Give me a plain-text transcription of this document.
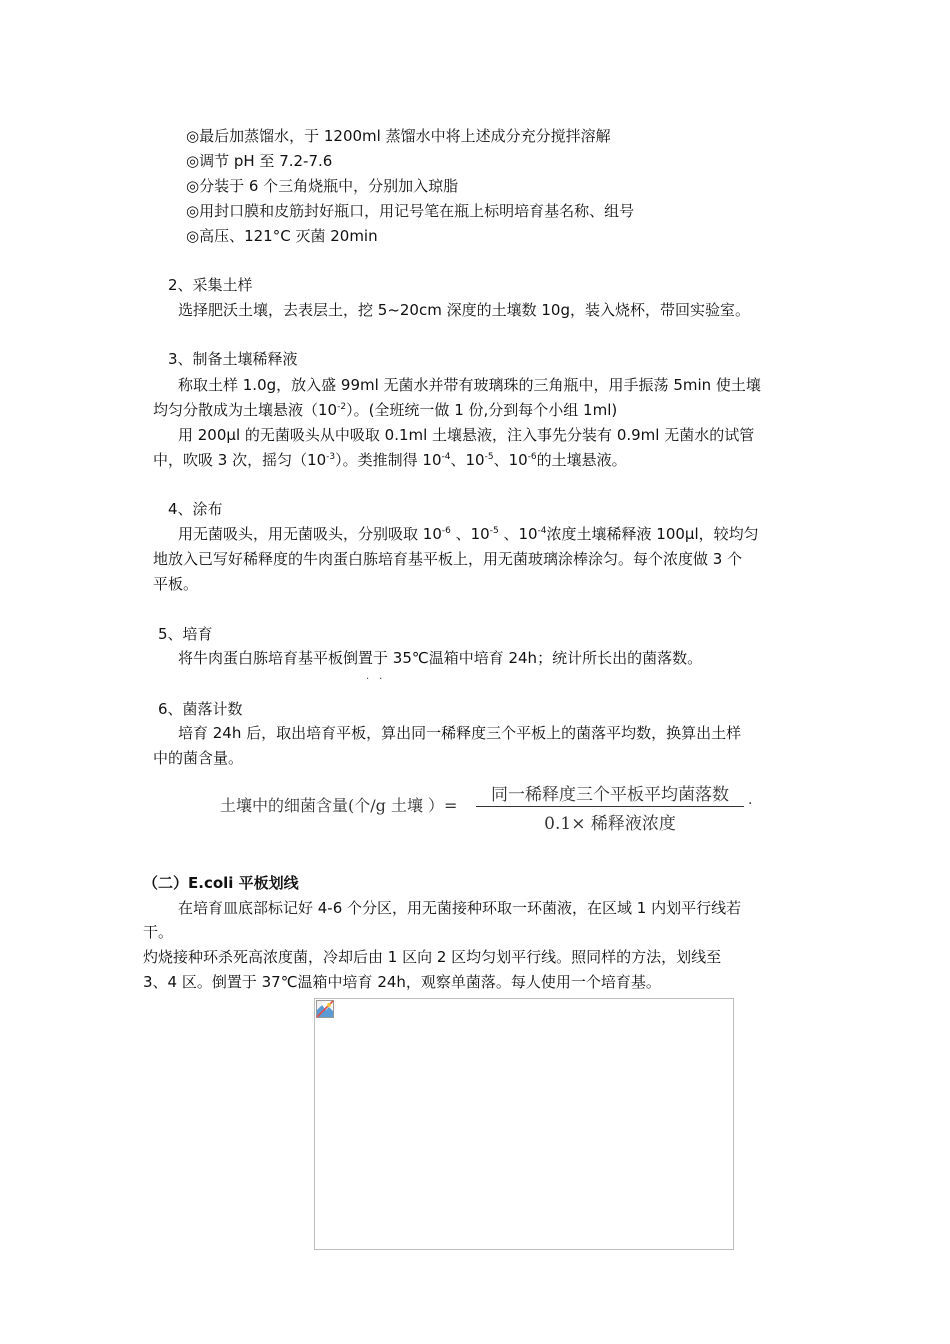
◎最后加蒸馏水，于 1200ml 蒸馏水中将上述成分充分搅拌溶解
◎调节 pH 至 7.2-7.6
◎分装于 6 个三角烧瓶中，分别加入琼脂
◎用封口膜和皮筋封好瓶口，用记号笔在瓶上标明培育基名称、组号
◎高压、121°C 灭菌 20min
2、采集土样
选择肥沃土壤，去表层土，挖 5~20cm 深度的土壤数 10g，装入烧杯，带回实验室。
3、制备土壤稀释液
称取土样 1.0g，放入盛 99ml 无菌水并带有玻璃珠的三角瓶中，用手振荡 5min 使土壤
均匀分散成为土壤悬液$(10^{-2})$。(全班统一做 1 份,分到每个小组 1ml)
用 200μl 的无菌吸头从中吸取 0.1ml 土壤悬液，注入事先分装有 0.9ml 无菌水的试管
中，吹吸 3 次，摇匀$(10^{-3})$。类推制得 $10^{-4}$、$10^{-5}$、$10^{-6}$的土壤悬液。
4、涂布
用无菌吸头，用无菌吸头，分别吸取 $10^{-6}$ 、$10^{-5}$ 、$10^{-4}$浓度土壤稀释液 100μl，较均匀
地放入已写好稀释度的牛肉蛋白胨培育基平板上，用无菌玻璃涂棒涂匀。每个浓度做 3 个
平板。
5、培育
将牛肉蛋白胨培育基平板倒置于 35℃温箱中培育 24h；统计所长出的菌落数。
··
6、菌落计数
培育 24h 后，取出培育平板，算出同一稀释度三个平板上的菌落平均数，换算出土样
中的菌含量。
土壤中的细菌含量(个/g 土壤 ）=
同一稀释度三个平板平均菌落数
0.1× 稀释液浓度
.
（二）E.coli 平板划线
在培育皿底部标记好 4-6 个分区，用无菌接种环取一环菌液，在区域 1 内划平行线若
干。
灼烧接种环杀死高浓度菌，冷却后由 1 区向 2 区均匀划平行线。照同样的方法，划线至
3、4 区。倒置于 37℃温箱中培育 24h，观察单菌落。每人使用一个培育基。
